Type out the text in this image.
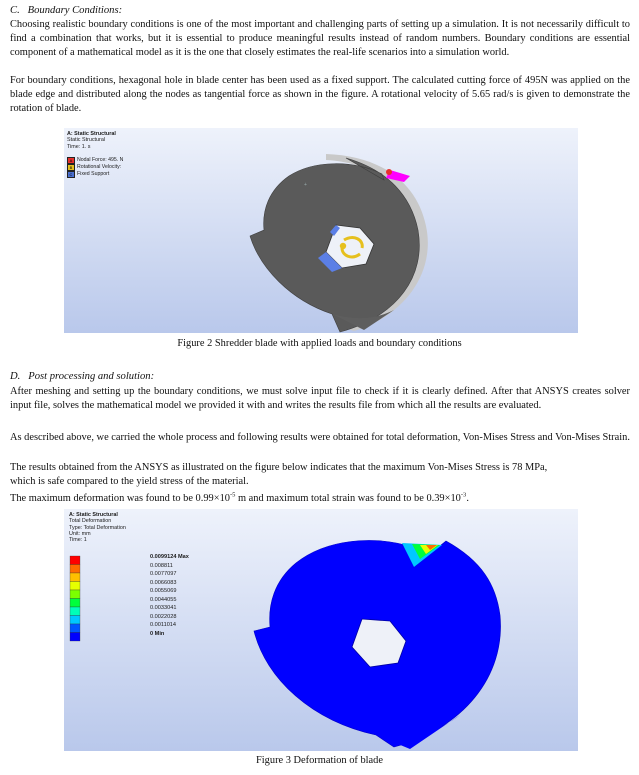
C.   Boundary Conditions:

Choosing realistic boundary conditions is one of the most important and challenging parts of setting up a simulation. It is not necessarily difficult to find a combination that works, but it is essential to produce meaningful results instead of random numbers. Boundary conditions are essential component of a mathematical model as it is the one that closely estimates the real-life scenarios into a simulation world.

For boundary conditions, hexagonal hole in blade center has been used as a fixed support. The calculated cutting force of 495N was applied on the blade edge and distributed along the nodes as tangential force as shown in the figure. A rotational velocity of 5.65 rad/s is given to demonstrate the rotation of blade.

A: Static Structural
Static Structural
Time: 1. s
A Nodal Force: 495. N
B Rotational Velocity:
C Fixed Support
+

Figure 2 Shredder blade with applied loads and boundary conditions

D.   Post processing and solution:

After meshing and setting up the boundary conditions, we must solve input file to check if it is clearly defined. After that ANSYS creates solver input file, solves the mathematical model we provided it with and writes the results file from which all the results are evaluated.

As described above, we carried the whole process and following results were obtained for total deformation, Von-Mises Stress and Von-Mises Strain.

The results obtained from the ANSYS as illustrated on the figure below indicates that the maximum Von-Mises Stress is 78 MPa,
which is safe compared to the yield stress of the material.

The maximum deformation was found to be $0.99\times 10^{-5}$ m and maximum total strain was found to be $0.39\times 10^{-3}$.

A: Static Structural
Total Deformation
Type: Total Deformation
Unit: mm
Time: 1
0.0099124 Max
0.008811
0.0077097
0.0066083
0.0055069
0.0044055
0.0033041
0.0022028
0.0011014
0 Min

Figure 3 Deformation of blade
